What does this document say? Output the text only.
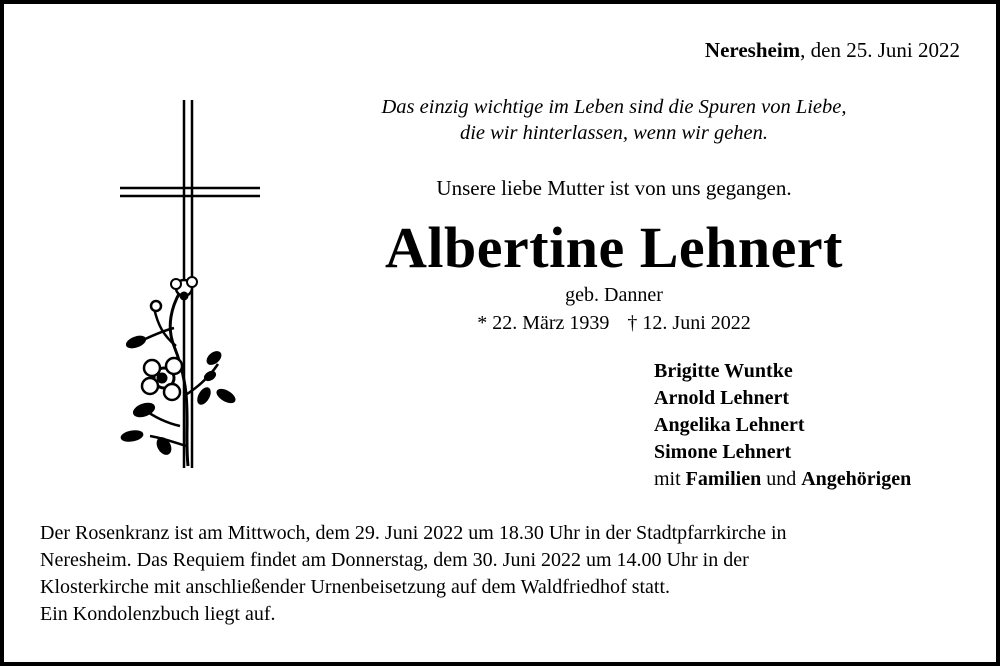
Neresheim, den 25. Juni 2022
Das einzig wichtige im Leben sind die Spuren von Liebe,
die wir hinterlassen, wenn wir gehen.
Unsere liebe Mutter ist von uns gegangen.
Albertine Lehnert
geb. Danner
* 22. März 1939 † 12. Juni 2022
Brigitte Wuntke
Arnold Lehnert
Angelika Lehnert
Simone Lehnert
mit Familien und Angehörigen
Der Rosenkranz ist am Mittwoch, dem 29. Juni 2022 um 18.30 Uhr in der Stadtpfarrkirche in
Neresheim. Das Requiem findet am Donnerstag, dem 30. Juni 2022 um 14.00 Uhr in der
Klosterkirche mit anschließender Urnenbeisetzung auf dem Waldfriedhof statt.
Ein Kondolenzbuch liegt auf.
